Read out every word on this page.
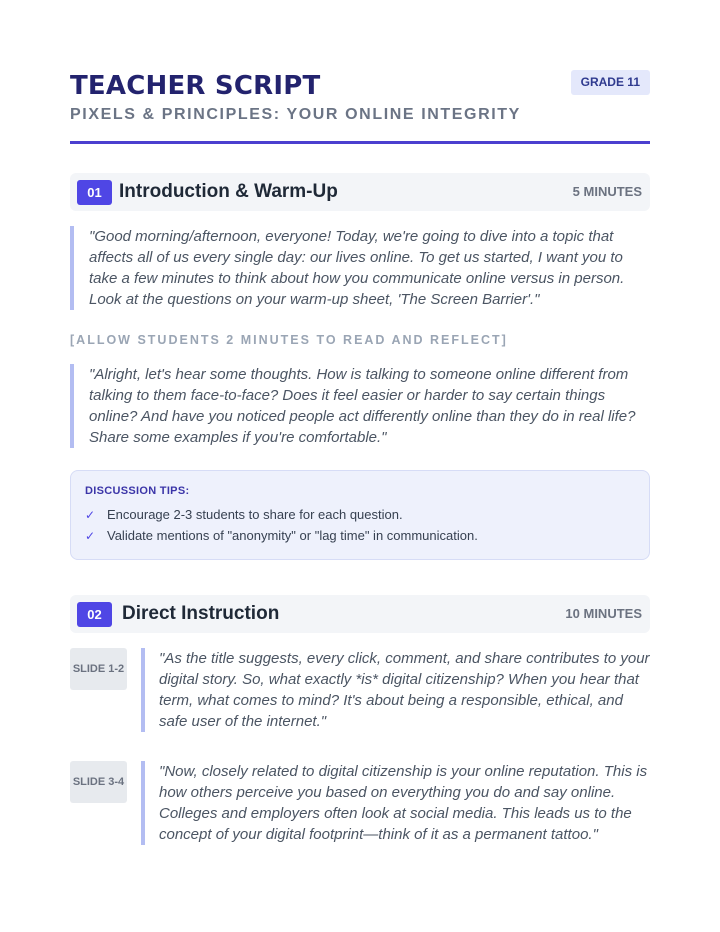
TEACHER SCRIPT
PIXELS & PRINCIPLES: YOUR ONLINE INTEGRITY
GRADE 11
01 Introduction & Warm-Up	5 MINUTES
"Good morning/afternoon, everyone! Today, we're going to dive into a topic that affects all of us every single day: our lives online. To get us started, I want you to take a few minutes to think about how you communicate online versus in person. Look at the questions on your warm-up sheet, 'The Screen Barrier'."
[ALLOW STUDENTS 2 MINUTES TO READ AND REFLECT]
"Alright, let's hear some thoughts. How is talking to someone online different from talking to them face-to-face? Does it feel easier or harder to say certain things online? And have you noticed people act differently online than they do in real life? Share some examples if you're comfortable."
DISCUSSION TIPS:
✓ Encourage 2-3 students to share for each question.
✓ Validate mentions of "anonymity" or "lag time" in communication.
02	Direct Instruction	10 MINUTES
SLIDE 1-2
"As the title suggests, every click, comment, and share contributes to your digital story. So, what exactly *is* digital citizenship? When you hear that term, what comes to mind? It's about being a responsible, ethical, and safe user of the internet."
SLIDE 3-4
"Now, closely related to digital citizenship is your online reputation. This is how others perceive you based on everything you do and say online. Colleges and employers often look at social media. This leads us to the concept of your digital footprint—think of it as a permanent tattoo."
